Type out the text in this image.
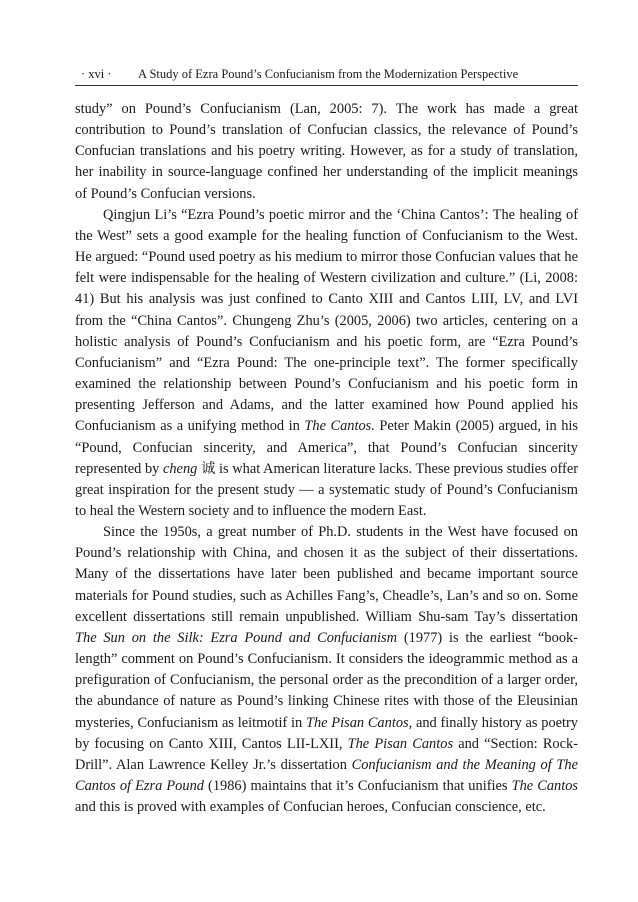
· xvi · A Study of Ezra Pound’s Confucianism from the Modernization Perspective

study” on Pound’s Confucianism (Lan, 2005: 7). The work has made a great contribution to Pound’s translation of Confucian classics, the relevance of Pound’s Confucian translations and his poetry writing. However, as for a study of translation, her inability in source-language confined her understanding of the implicit meanings of Pound’s Confucian versions.

Qingjun Li’s “Ezra Pound’s poetic mirror and the ‘China Cantos’: The healing of the West” sets a good example for the healing function of Confucianism to the West. He argued: “Pound used poetry as his medium to mirror those Confucian values that he felt were indispensable for the healing of Western civilization and culture.” (Li, 2008: 41) But his analysis was just confined to Canto XIII and Cantos LIII, LV, and LVI from the “China Cantos”. Chungeng Zhu’s (2005, 2006) two articles, centering on a holistic analysis of Pound’s Confucianism and his poetic form, are “Ezra Pound’s Confucianism” and “Ezra Pound: The one-principle text”. The former specifically examined the relationship between Pound’s Confucianism and his poetic form in presenting Jefferson and Adams, and the latter examined how Pound applied his Confucianism as a unifying method in The Cantos. Peter Makin (2005) argued, in his “Pound, Confucian sincerity, and America”, that Pound’s Confucian sincerity represented by cheng 诚 is what American literature lacks. These previous studies offer great inspiration for the present study — a systematic study of Pound’s Confucianism to heal the Western society and to influence the modern East.

Since the 1950s, a great number of Ph.D. students in the West have focused on Pound’s relationship with China, and chosen it as the subject of their dissertations. Many of the dissertations have later been published and became important source materials for Pound studies, such as Achilles Fang’s, Cheadle’s, Lan’s and so on. Some excellent dissertations still remain unpublished. William Shu-sam Tay’s dissertation The Sun on the Silk: Ezra Pound and Confucianism (1977) is the earliest “book-length” comment on Pound’s Confucianism. It considers the ideogrammic method as a prefiguration of Confucianism, the personal order as the precondition of a larger order, the abundance of nature as Pound’s linking Chinese rites with those of the Eleusinian mysteries, Confucianism as leitmotif in The Pisan Cantos, and finally history as poetry by focusing on Canto XIII, Cantos LII-LXII, The Pisan Cantos and “Section: Rock-Drill”. Alan Lawrence Kelley Jr.’s dissertation Confucianism and the Meaning of The Cantos of Ezra Pound (1986) maintains that it’s Confucianism that unifies The Cantos and this is proved with examples of Confucian heroes, Confucian conscience, etc.
